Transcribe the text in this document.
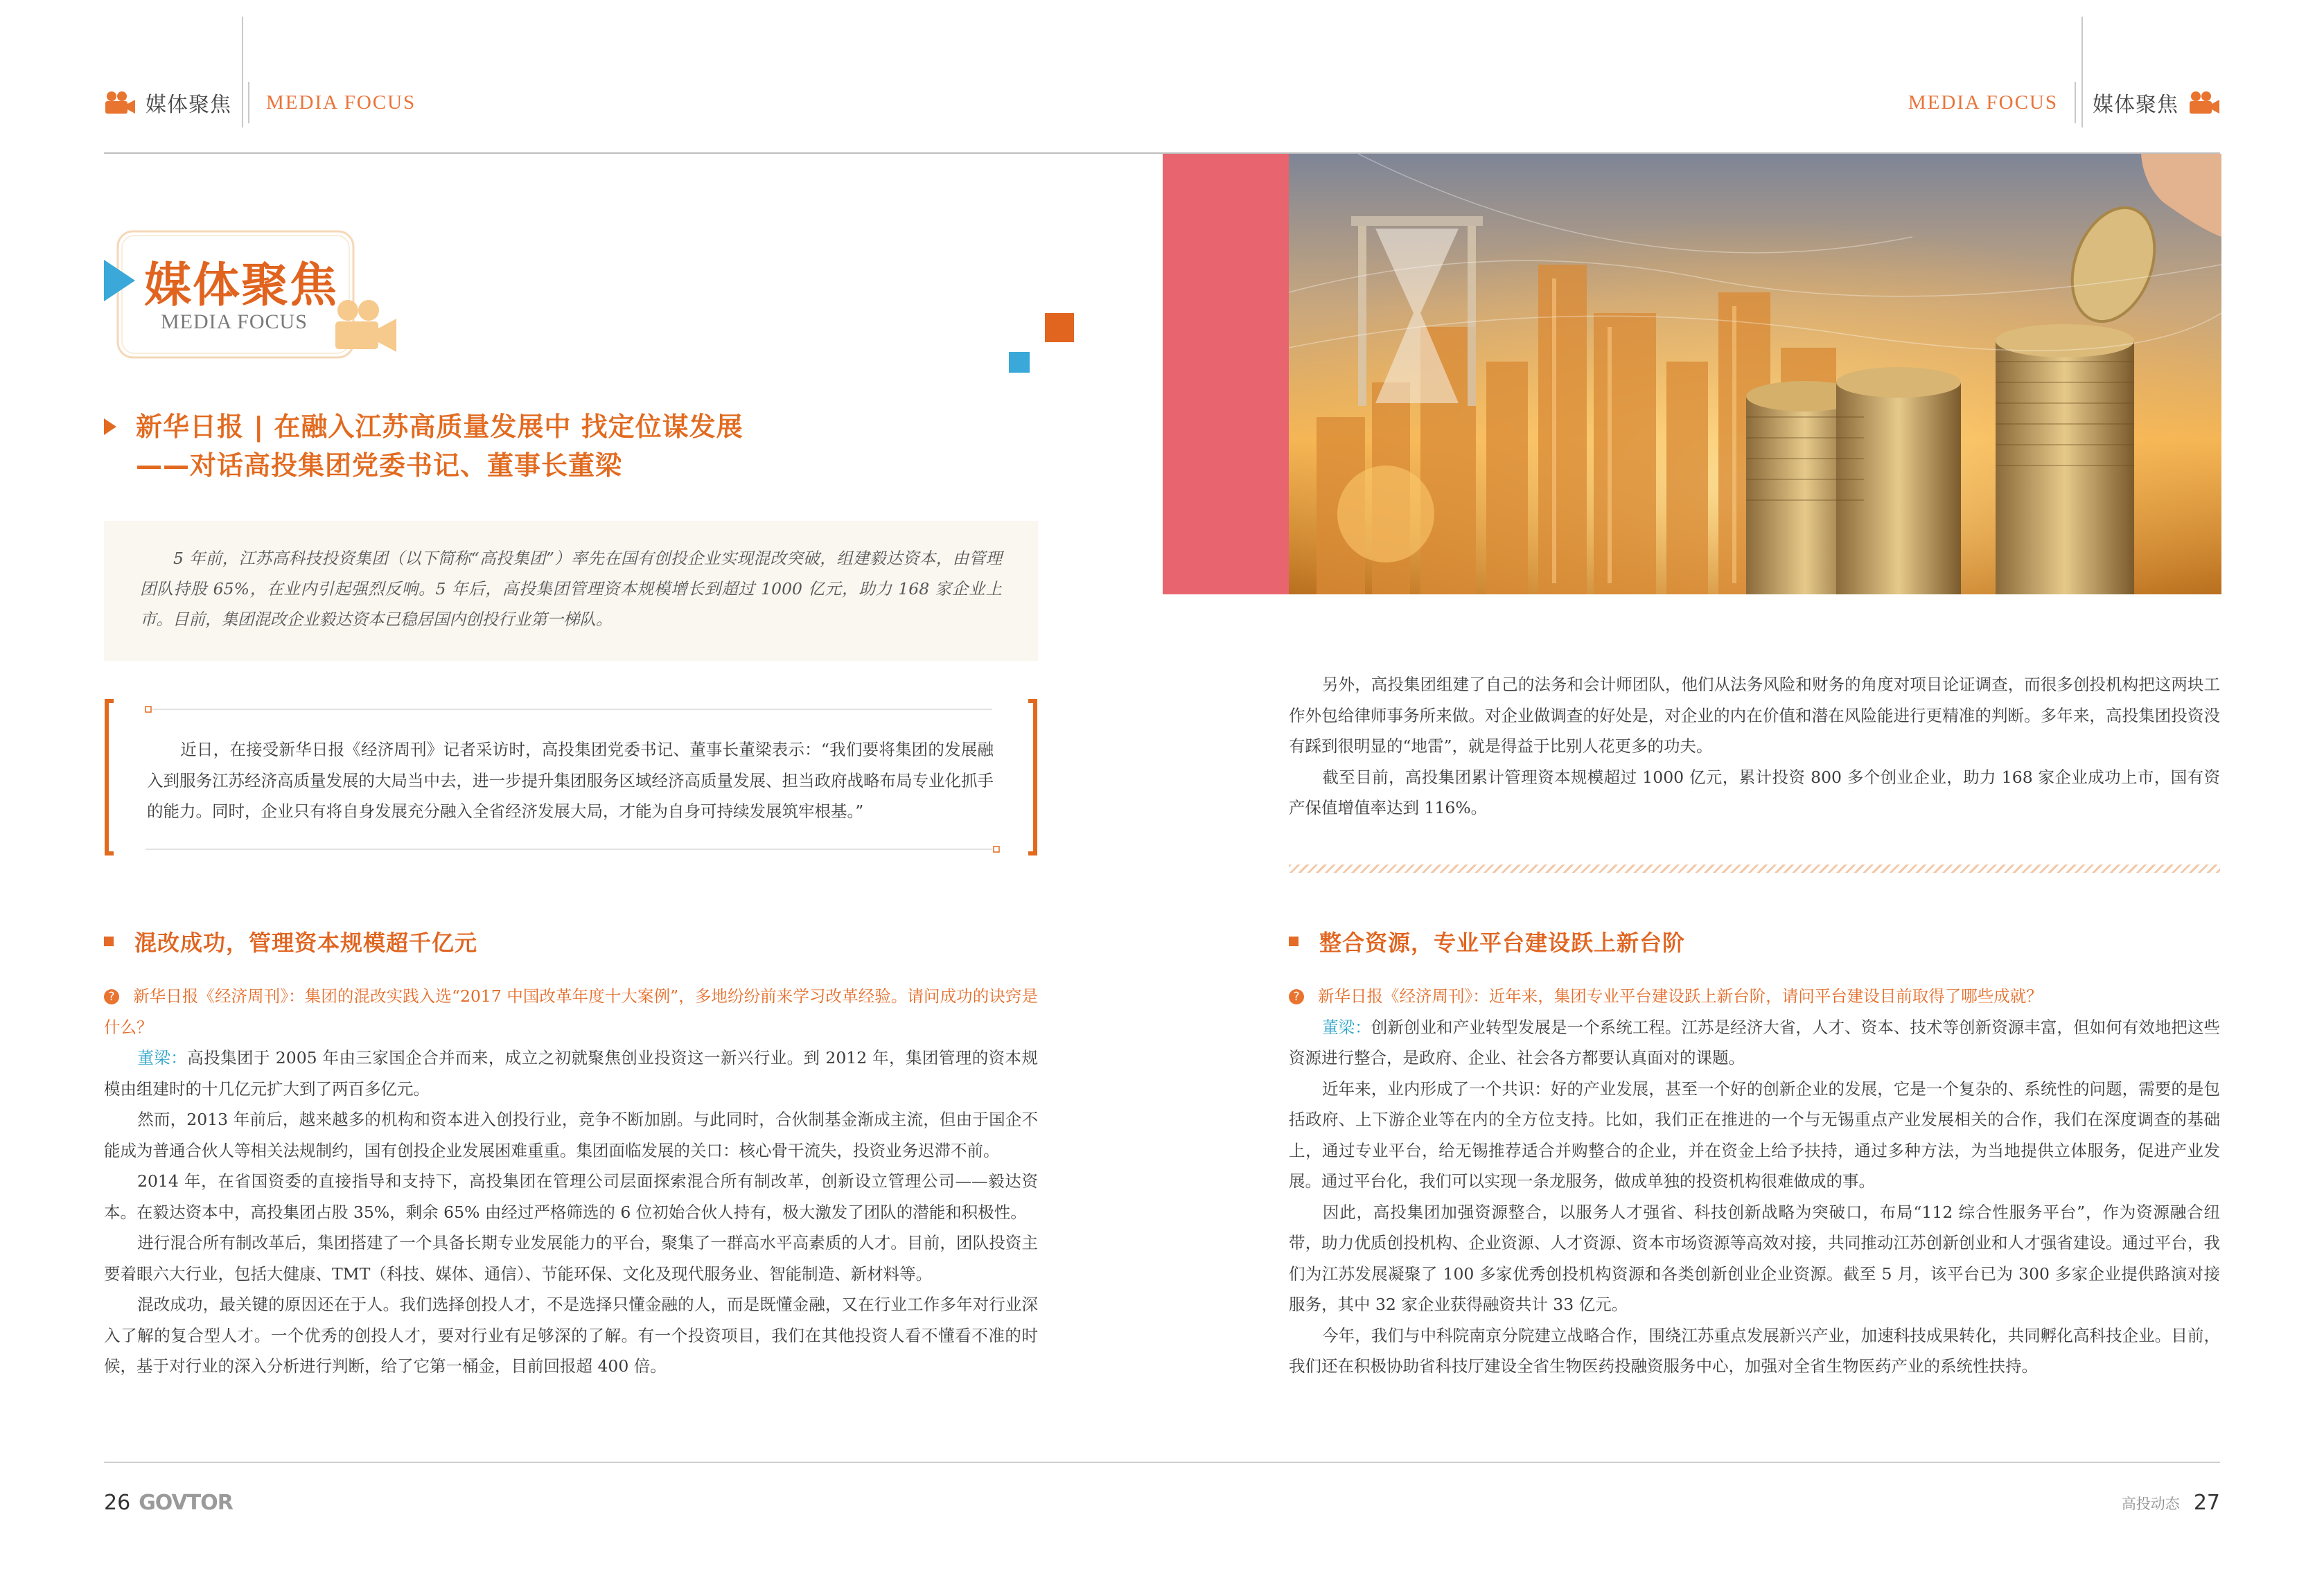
媒体聚焦 MEDIA FOCUS	MEDIA FOCUS 媒体聚焦
媒体聚焦
MEDIA FOCUS
新华日报 | 在融入江苏高质量发展中 找定位谋发展
——对话高投集团党委书记、董事长董梁
5 年前，江苏高科技投资集团（以下简称“高投集团”）率先在国有创投企业实现混改突破，组建毅达资本，由管理团队持股 65%，在业内引起强烈反响。5 年后，高投集团管理资本规模增长到超过 1000 亿元，助力 168 家企业上市。目前，集团混改企业毅达资本已稳居国内创投行业第一梯队。
近日，在接受新华日报《经济周刊》记者采访时，高投集团党委书记、董事长董梁表示：“我们要将集团的发展融入到服务江苏经济高质量发展的大局当中去，进一步提升集团服务区域经济高质量发展、担当政府战略布局专业化抓手的能力。同时，企业只有将自身发展充分融入全省经济发展大局，才能为自身可持续发展筑牢根基。”
混改成功，管理资本规模超千亿元
? 新华日报《经济周刊》：集团的混改实践入选“2017 中国改革年度十大案例”，多地纷纷前来学习改革经验。请问成功的诀窍是什么？
董梁：高投集团于 2005 年由三家国企合并而来，成立之初就聚焦创业投资这一新兴行业。到 2012 年，集团管理的资本规模由组建时的十几亿元扩大到了两百多亿元。
然而，2013 年前后，越来越多的机构和资本进入创投行业，竞争不断加剧。与此同时，合伙制基金渐成主流，但由于国企不能成为普通合伙人等相关法规制约，国有创投企业发展困难重重。集团面临发展的关口：核心骨干流失，投资业务迟滞不前。
2014 年，在省国资委的直接指导和支持下，高投集团在管理公司层面探索混合所有制改革，创新设立管理公司——毅达资本。在毅达资本中，高投集团占股 35%，剩余 65% 由经过严格筛选的 6 位初始合伙人持有，极大激发了团队的潜能和积极性。
进行混合所有制改革后，集团搭建了一个具备长期专业发展能力的平台，聚集了一群高水平高素质的人才。目前，团队投资主要着眼六大行业，包括大健康、TMT（科技、媒体、通信）、节能环保、文化及现代服务业、智能制造、新材料等。
混改成功，最关键的原因还在于人。我们选择创投人才，不是选择只懂金融的人，而是既懂金融，又在行业工作多年对行业深入了解的复合型人才。一个优秀的创投人才，要对行业有足够深的了解。有一个投资项目，我们在其他投资人看不懂看不准的时候，基于对行业的深入分析进行判断，给了它第一桶金，目前回报超 400 倍。
另外，高投集团组建了自己的法务和会计师团队，他们从法务风险和财务的角度对项目论证调查，而很多创投机构把这两块工作外包给律师事务所来做。对企业做调查的好处是，对企业的内在价值和潜在风险能进行更精准的判断。多年来，高投集团投资没有踩到很明显的“地雷”，就是得益于比别人花更多的功夫。
截至目前，高投集团累计管理资本规模超过 1000 亿元，累计投资 800 多个创业企业，助力 168 家企业成功上市，国有资产保值增值率达到 116%。
整合资源，专业平台建设跃上新台阶
? 新华日报《经济周刊》：近年来，集团专业平台建设跃上新台阶，请问平台建设目前取得了哪些成就？
董梁：创新创业和产业转型发展是一个系统工程。江苏是经济大省，人才、资本、技术等创新资源丰富，但如何有效地把这些资源进行整合，是政府、企业、社会各方都要认真面对的课题。
近年来，业内形成了一个共识：好的产业发展，甚至一个好的创新企业的发展，它是一个复杂的、系统性的问题，需要的是包括政府、上下游企业等在内的全方位支持。比如，我们正在推进的一个与无锡重点产业发展相关的合作，我们在深度调查的基础上，通过专业平台，给无锡推荐适合并购整合的企业，并在资金上给予扶持，通过多种方法，为当地提供立体服务，促进产业发展。通过平台化，我们可以实现一条龙服务，做成单独的投资机构很难做成的事。
因此，高投集团加强资源整合，以服务人才强省、科技创新战略为突破口，布局“112 综合性服务平台”，作为资源融合纽带，助力优质创投机构、企业资源、人才资源、资本市场资源等高效对接，共同推动江苏创新创业和人才强省建设。通过平台，我们为江苏发展凝聚了 100 多家优秀创投机构资源和各类创新创业企业资源。截至 5 月，该平台已为 300 多家企业提供路演对接服务，其中 32 家企业获得融资共计 33 亿元。
今年，我们与中科院南京分院建立战略合作，围绕江苏重点发展新兴产业，加速科技成果转化，共同孵化高科技企业。目前，我们还在积极协助省科技厅建设全省生物医药投融资服务中心，加强对全省生物医药产业的系统性扶持。
26 GOVTOR	高投动态 27
